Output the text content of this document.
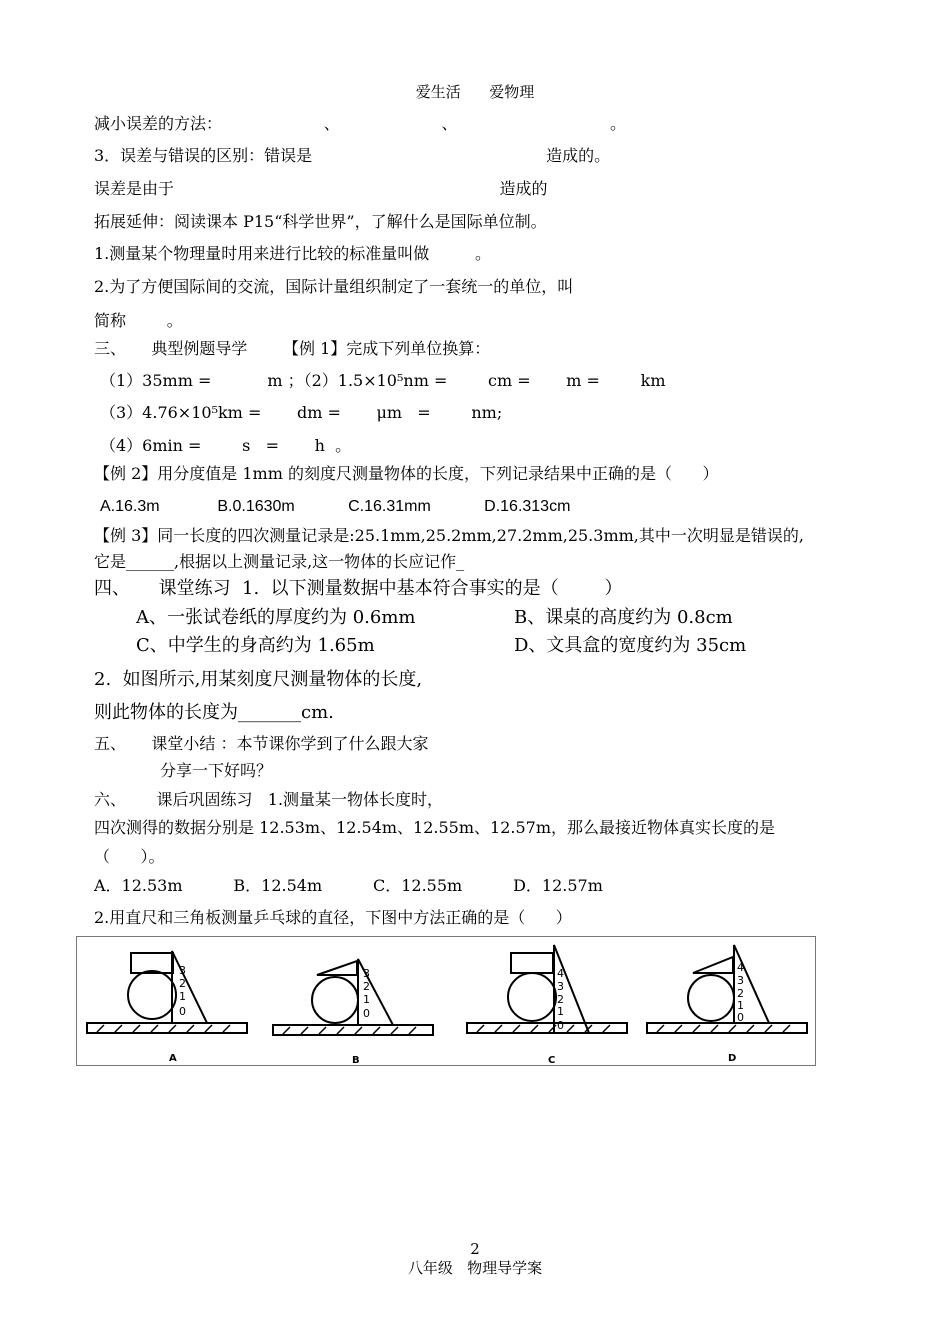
爱生活      爱物理
减小误差的方法：                    、                    、                              。
3．误差与错误的区别：错误是                                              造成的。
误差是由于                                                                造成的
拓展延伸：阅读课本 P15“科学世界”，了解什么是国际单位制。
1.测量某个物理量时用来进行比较的标准量叫做         。
2.为了方便国际间的交流，国际计量组织制定了一套统一的单位，叫
简称        。
三、     典型例题导学       【例 1】完成下列单位换算：
（1）35mm =           m ；（2）1.5×10⁵nm =        cm =       m =        km
（3）4.76×10⁵km =       dm =       μm   =        nm;
（4）6min =        s   =       h  。
【例 2】用分度值是 1mm 的刻度尺测量物体的长度，下列记录结果中正确的是（      ）
A.16.3m             B.0.1630m            C.16.31mm            D.16.313cm
【例 3】同一长度的四次测量记录是:25.1mm,25.2mm,27.2mm,25.3mm,其中一次明显是错误的,
它是______,根据以上测量记录,这一物体的长应记作_
四、     课堂练习  1.  以下测量数据中基本符合事实的是（        ）
A、一张试卷纸的厚度约为 0.6mm	B、课桌的高度约为 0.8cm
C、中学生的身高约为 1.65m	D、文具盒的宽度约为 35cm
2.  如图所示,用某刻度尺测量物体的长度,
则此物体的长度为_______cm.
五、     课堂小结 ：本节课你学到了什么跟大家
分享一下好吗？
六、      课后巩固练习   1.测量某一物体长度时，
四次测得的数据分别是 12.53m、12.54m、12.55m、12.57m，那么最接近物体真实长度的是
（      ）。
A．12.53m          B．12.54m          C．12.55m          D．12.57m
2.用直尺和三角板测量乒乓球的直径，下图中方法正确的是（      ）
3
2
1
0
A
3
2
1
0
B
4
3
2
1
0
C
4
3
2
1
0
D
2
八年级   物理导学案
